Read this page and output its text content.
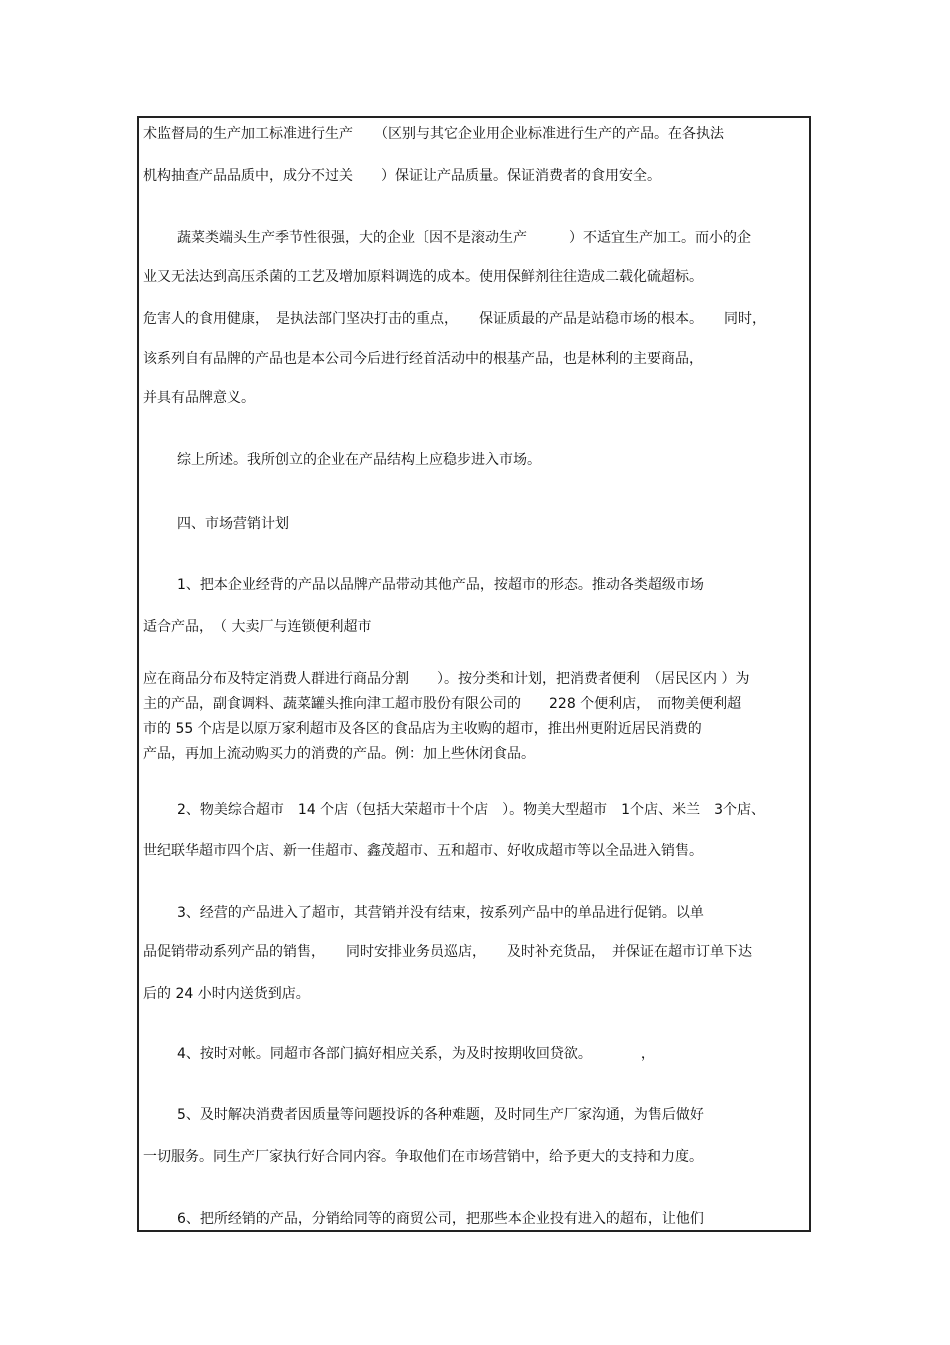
术监督局的生产加工标准进行生产　　（区别与其它企业用企业标准进行生产的产品。在各执法
机构抽查产品品质中，成分不过关　　）保证让产品质量。保证消费者的食用安全。
蔬菜类端头生产季节性很强，大的企业〔因不是滚动生产　　　）不适宜生产加工。而小的企
业又无法达到高压杀菌的工艺及增加原料调选的成本。使用保鲜剂往往造成二载化硫超标。
危害人的食用健康，　是执法部门坚决打击的重点，　　保证质最的产品是站稳市场的根本。　　同时，
该系列自有品牌的产品也是本公司今后进行经首活动中的根基产品，也是林利的主要商品，
并具有品牌意义。
综上所述。我所创立的企业在产品结构上应稳步进入市场。
四、市场营销计划
1、把本企业经背的产品以品牌产品带动其他产品，按超市的形态。推动各类超级市场
适合产品，　（ 大卖厂与连锁便利超市
应在商品分布及特定消费人群进行商品分割　　）。按分类和计划，把消费者便利　（居民区内 ）为
主的产品，副食调料、蔬菜罐头推向津工超市股份有限公司的　　228 个便利店，　而物美便利超
市的 55 个店是以原万家利超市及各区的食品店为主收购的超市，推出州更附近居民消费的
产品，再加上流动购买力的消费的产品。例：加上些休闭食品。
2、物美综合超市　14 个店（包括大荣超市十个店　）。物美大型超市　1个店、米兰　3个店、
世纪联华超市四个店、新一佳超市、鑫茂超市、五和超市、好收成超市等以全品进入销售。
3、经营的产品进入了超市，其营销并没有结束，按系列产品中的单品进行促销。以单
品促销带动系列产品的销售，　　同时安排业务员巡店，　　及时补充货品，　并保证在超市订单下达
后的 24 小时内送货到店。
4、按时对帐。同超市各部门搞好相应关系，为及时按期收回贷欲。　　　　，
5、及时解决消费者因质量等问题投诉的各种难题，及时同生产厂家沟通，为售后做好
一切服务。同生产厂家执行好合同内容。争取他们在市场营销中，给予更大的支持和力度。
6、把所经销的产品，分销给同等的商贸公司，把那些本企业投有进入的超布，让他们
